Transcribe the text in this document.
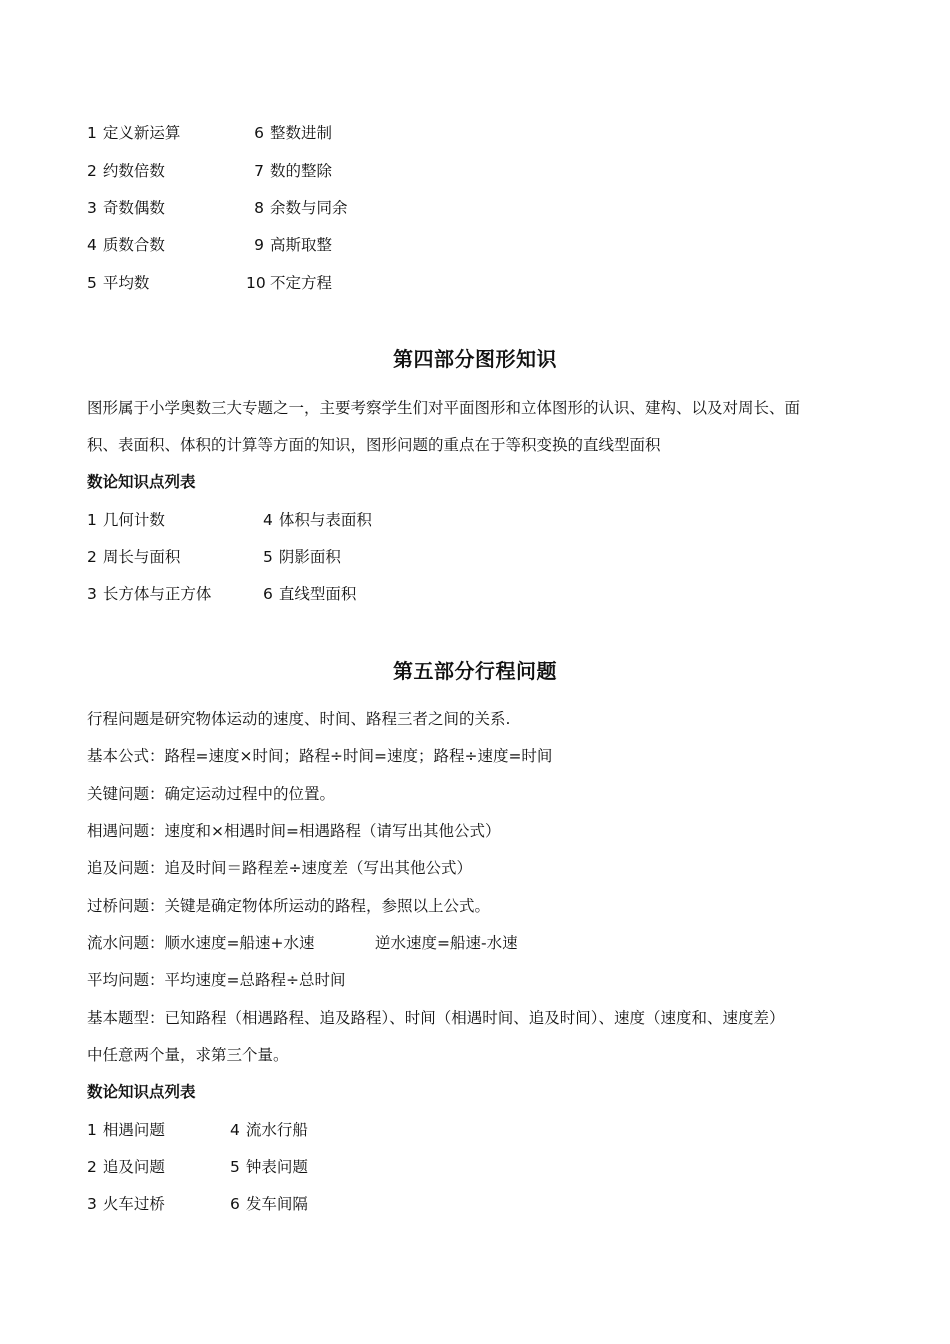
1 定义新运算	6 整数进制
2 约数倍数	7 数的整除
3 奇数偶数	8 余数与同余
4 质数合数	9 高斯取整
5 平均数	10 不定方程
第四部分图形知识
图形属于小学奥数三大专题之一，主要考察学生们对平面图形和立体图形的认识、建构、以及对周长、面
积、表面积、体积的计算等方面的知识，图形问题的重点在于等积变换的直线型面积
数论知识点列表
1 几何计数	4 体积与表面积
2 周长与面积	5 阴影面积
3 长方体与正方体	6 直线型面积
第五部分行程问题
行程问题是研究物体运动的速度、时间、路程三者之间的关系.
基本公式：路程=速度×时间；路程÷时间=速度；路程÷速度=时间
关键问题：确定运动过程中的位置。
相遇问题：速度和×相遇时间=相遇路程（请写出其他公式）
追及问题：追及时间＝路程差÷速度差（写出其他公式）
过桥问题：关键是确定物体所运动的路程，参照以上公式。
流水问题：顺水速度=船速+水速	逆水速度=船速-水速
平均问题：平均速度=总路程÷总时间
基本题型：已知路程（相遇路程、追及路程）、时间（相遇时间、追及时间）、速度（速度和、速度差）
中任意两个量，求第三个量。
数论知识点列表
1 相遇问题	4 流水行船
2 追及问题	5 钟表问题
3 火车过桥	6 发车间隔
